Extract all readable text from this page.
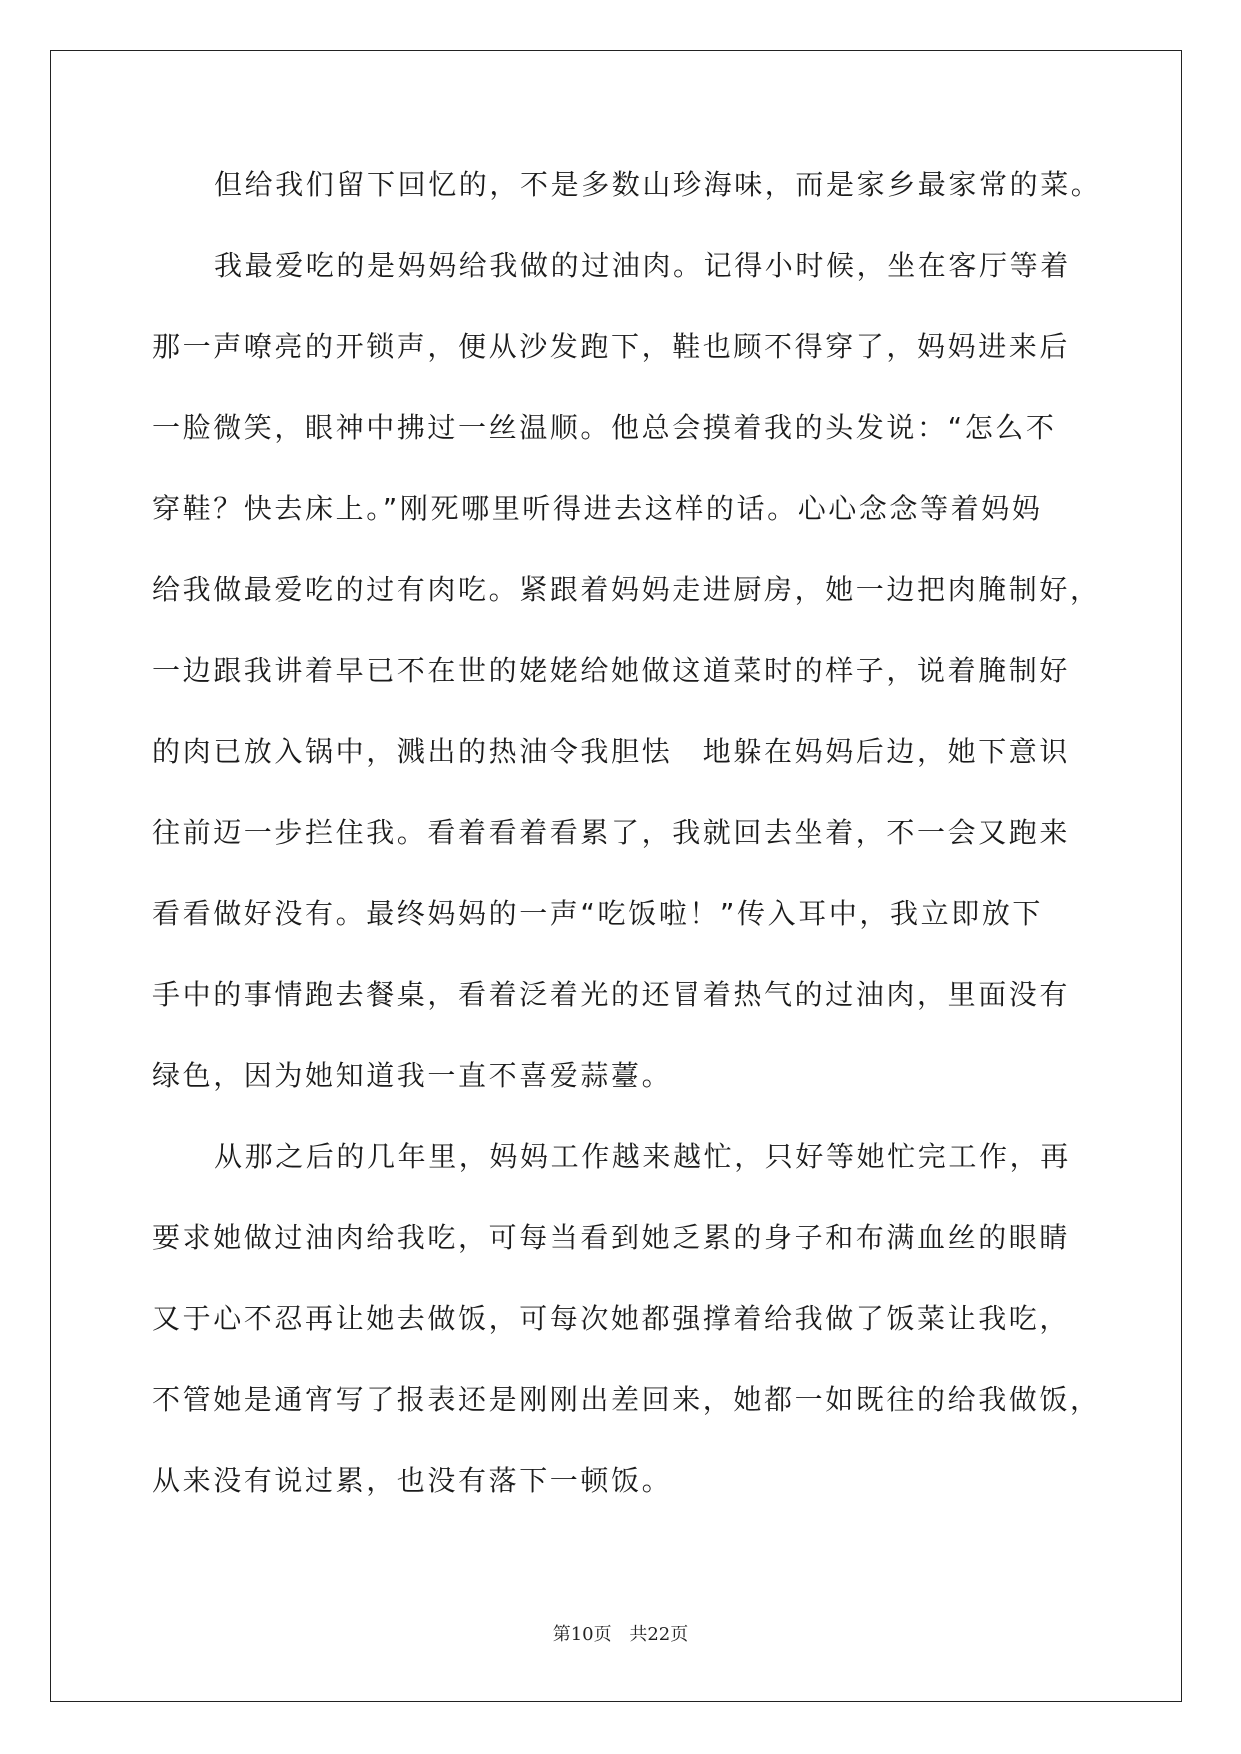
但给我们留下回忆的，不是多数山珍海味，而是家乡最家常的菜。
我最爱吃的是妈妈给我做的过油肉。记得小时候，坐在客厅等着
那一声嘹亮的开锁声，便从沙发跑下，鞋也顾不得穿了，妈妈进来后
一脸微笑，眼神中拂过一丝温顺。他总会摸着我的头发说：“怎么不
穿鞋？快去床上。”刚死哪里听得进去这样的话。心心念念等着妈妈
给我做最爱吃的过有肉吃。紧跟着妈妈走进厨房，她一边把肉腌制好，
一边跟我讲着早已不在世的姥姥给她做这道菜时的样子，说着腌制好
的肉已放入锅中，溅出的热油令我胆怯　地躲在妈妈后边，她下意识
往前迈一步拦住我。看着看着看累了，我就回去坐着，不一会又跑来
看看做好没有。最终妈妈的一声“吃饭啦！”传入耳中，我立即放下
手中的事情跑去餐桌，看着泛着光的还冒着热气的过油肉，里面没有
绿色，因为她知道我一直不喜爱蒜薹。
从那之后的几年里，妈妈工作越来越忙，只好等她忙完工作，再
要求她做过油肉给我吃，可每当看到她乏累的身子和布满血丝的眼睛
又于心不忍再让她去做饭，可每次她都强撑着给我做了饭菜让我吃，
不管她是通宵写了报表还是刚刚出差回来，她都一如既往的给我做饭，
从来没有说过累，也没有落下一顿饭。
第10页 共22页
